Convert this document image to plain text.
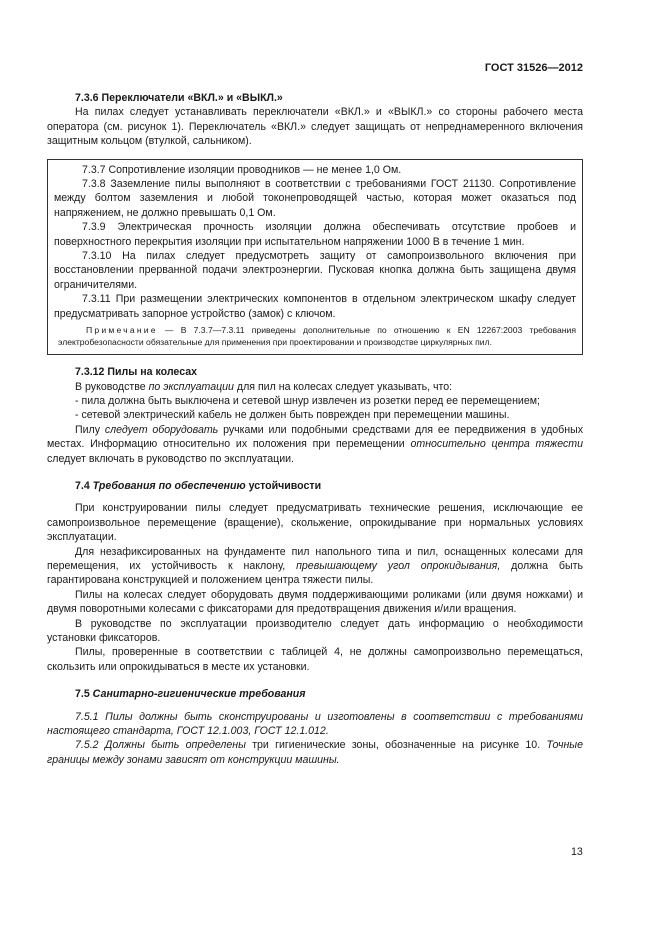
ГОСТ 31526—2012

7.3.6 Переключатели «ВКЛ.» и «ВЫКЛ.»

На пилах следует устанавливать переключатели «ВКЛ.» и «ВЫКЛ.» со стороны рабочего места оператора (см. рисунок 1). Переключатель «ВКЛ.» следует защищать от непреднамеренного включения защитным кольцом (втулкой, сальником).

7.3.7 Сопротивление изоляции проводников — не менее 1,0 Ом.

7.3.8 Заземление пилы выполняют в соответствии с требованиями ГОСТ 21130. Сопротивление между болтом заземления и любой токонепроводящей частью, которая может оказаться под напряжением, не должно превышать 0,1 Ом.

7.3.9 Электрическая прочность изоляции должна обеспечивать отсутствие пробоев и поверхностного перекрытия изоляции при испытательном напряжении 1000 В в течение 1 мин.

7.3.10 На пилах следует предусмотреть защиту от самопроизвольного включения при восстановлении прерванной подачи электроэнергии. Пусковая кнопка должна быть защищена двумя ограничителями.

7.3.11 При размещении электрических компонентов в отдельном электрическом шкафу следует предусматривать запорное устройство (замок) с ключом.

Примечание — В 7.3.7—7.3.11 приведены дополнительные по отношению к EN 12267:2003 требования электробезопасности обязательные для применения при проектировании и производстве циркулярных пил.

7.3.12 Пилы на колесах

В руководстве по эксплуатации для пил на колесах следует указывать, что:

- пила должна быть выключена и сетевой шнур извлечен из розетки перед ее перемещением;

- сетевой электрический кабель не должен быть поврежден при перемещении машины.

Пилу следует оборудовать ручками или подобными средствами для ее передвижения в удобных местах. Информацию относительно их положения при перемещении относительно центра тяжести следует включать в руководство по эксплуатации.

7.4 Требования по обеспечению устойчивости

При конструировании пилы следует предусматривать технические решения, исключающие ее самопроизвольное перемещение (вращение), скольжение, опрокидывание при нормальных условиях эксплуатации.

Для незафиксированных на фундаменте пил напольного типа и пил, оснащенных колесами для перемещения, их устойчивость к наклону, превышающему угол опрокидывания, должна быть гарантирована конструкцией и положением центра тяжести пилы.

Пилы на колесах следует оборудовать двумя поддерживающими роликами (или двумя ножками) и двумя поворотными колесами с фиксаторами для предотвращения движения и/или вращения.

В руководстве по эксплуатации производителю следует дать информацию о необходимости установки фиксаторов.

Пилы, проверенные в соответствии с таблицей 4, не должны самопроизвольно перемещаться, скользить или опрокидываться в месте их установки.

7.5 Санитарно-гигиенические требования

7.5.1 Пилы должны быть сконструированы и изготовлены в соответствии с требованиями настоящего стандарта, ГОСТ 12.1.003, ГОСТ 12.1.012.

7.5.2 Должны быть определены три гигиенические зоны, обозначенные на рисунке 10. Точные границы между зонами зависят от конструкции машины.

13
